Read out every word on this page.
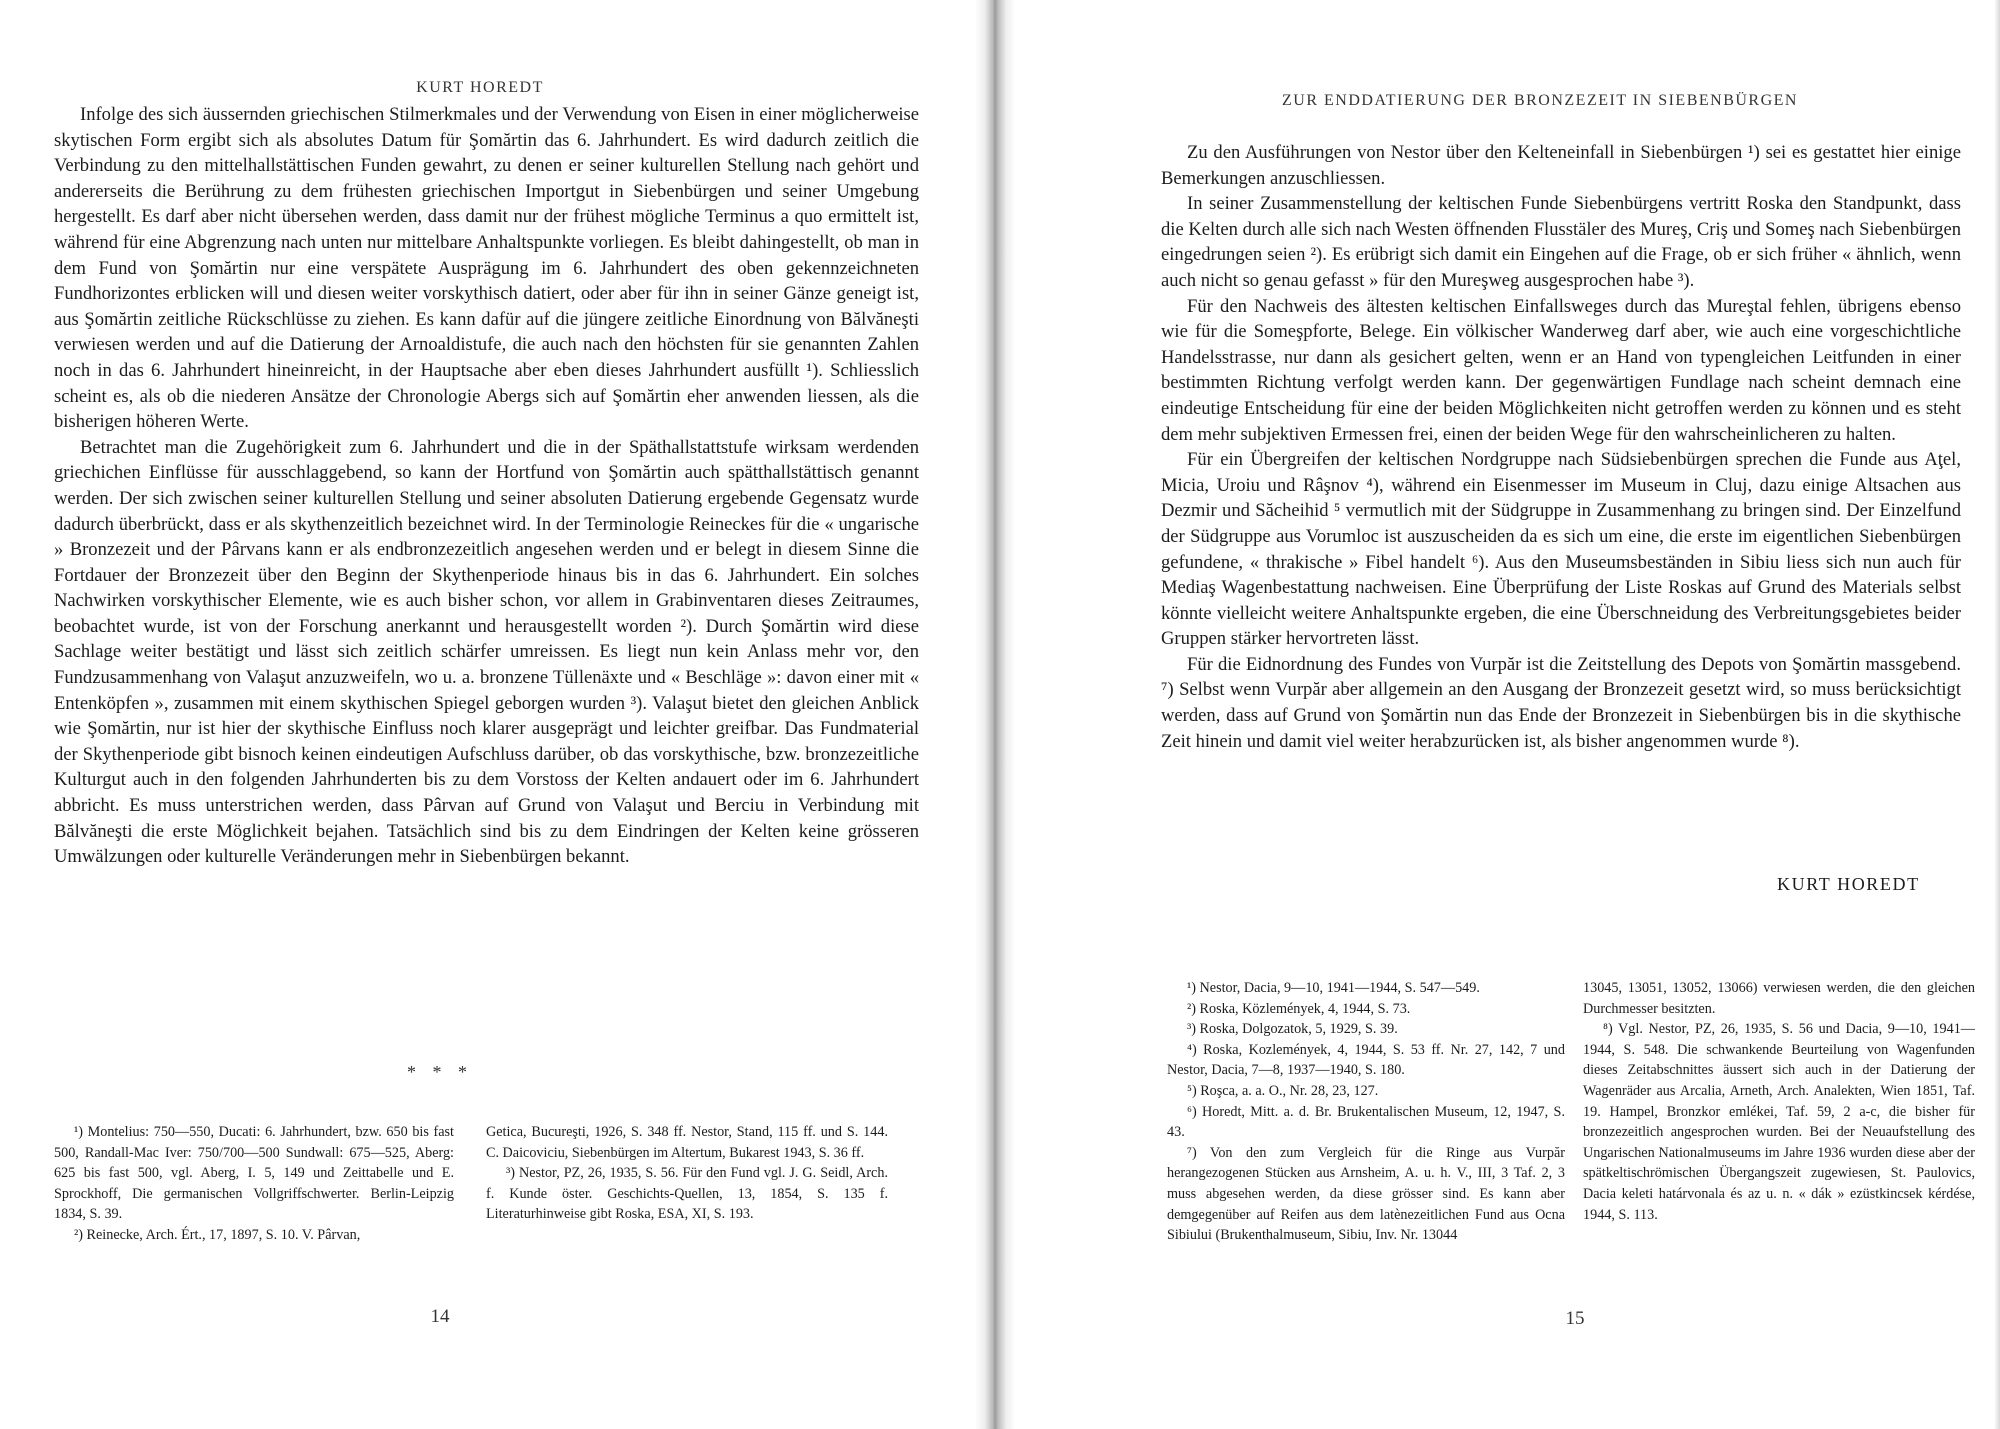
KURT HOREDT

Infolge des sich äussernden griechischen Stilmerkmales und der Verwendung von Eisen in einer möglicherweise skytischen Form ergibt sich als absolutes Datum für Şomărtin das 6. Jahrhundert. Es wird dadurch zeitlich die Verbindung zu den mittelhallstättischen Funden gewahrt, zu denen er seiner kulturellen Stellung nach gehört und andererseits die Berührung zu dem frühesten griechischen Importgut in Siebenbürgen und seiner Umgebung hergestellt. Es darf aber nicht übersehen werden, dass damit nur der frühest mögliche Terminus a quo ermittelt ist, während für eine Abgrenzung nach unten nur mittelbare Anhaltspunkte vorliegen. Es bleibt dahingestellt, ob man in dem Fund von Şomărtin nur eine verspätete Ausprägung im 6. Jahrhundert des oben gekennzeichneten Fundhorizontes erblicken will und diesen weiter vorskythisch datiert, oder aber für ihn in seiner Gänze geneigt ist, aus Şomărtin zeitliche Rückschlüsse zu ziehen. Es kann dafür auf die jüngere zeitliche Einordnung von Bălvăneşti verwiesen werden und auf die Datierung der Arnoaldistufe, die auch nach den höchsten für sie genannten Zahlen noch in das 6. Jahrhundert hineinreicht, in der Hauptsache aber eben dieses Jahrhundert ausfüllt ¹). Schliesslich scheint es, als ob die niederen Ansätze der Chronologie Abergs sich auf Şomărtin eher anwenden liessen, als die bisherigen höheren Werte.

Betrachtet man die Zugehörigkeit zum 6. Jahrhundert und die in der Späthallstattstufe wirksam werdenden griechichen Einflüsse für ausschlaggebend, so kann der Hortfund von Şomărtin auch spätthallstättisch genannt werden. Der sich zwischen seiner kulturellen Stellung und seiner absoluten Datierung ergebende Gegensatz wurde dadurch überbrückt, dass er als skythenzeitlich bezeichnet wird. In der Terminologie Reineckes für die « ungarische » Bronzezeit und der Pârvans kann er als endbronzezeitlich angesehen werden und er belegt in diesem Sinne die Fortdauer der Bronzezeit über den Beginn der Skythenperiode hinaus bis in das 6. Jahrhundert. Ein solches Nachwirken vorskythischer Elemente, wie es auch bisher schon, vor allem in Grabinventaren dieses Zeitraumes, beobachtet wurde, ist von der Forschung anerkannt und herausgestellt worden ²). Durch Şomărtin wird diese Sachlage weiter bestätigt und lässt sich zeitlich schärfer umreissen. Es liegt nun kein Anlass mehr vor, den Fundzusammenhang von Valaşut anzuzweifeln, wo u. a. bronzene Tüllenäxte und « Beschläge »: davon einer mit « Entenköpfen », zusammen mit einem skythischen Spiegel geborgen wurden ³). Valaşut bietet den gleichen Anblick wie Şomărtin, nur ist hier der skythische Einfluss noch klarer ausgeprägt und leichter greifbar. Das Fundmaterial der Skythenperiode gibt bisnoch keinen eindeutigen Aufschluss darüber, ob das vorskythische, bzw. bronzezeitliche Kulturgut auch in den folgenden Jahrhunderten bis zu dem Vorstoss der Kelten andauert oder im 6. Jahrhundert abbricht. Es muss unterstrichen werden, dass Pârvan auf Grund von Valaşut und Berciu in Verbindung mit Bălvăneşti die erste Möglichkeit bejahen. Tatsächlich sind bis zu dem Eindringen der Kelten keine grösseren Umwälzungen oder kulturelle Veränderungen mehr in Siebenbürgen bekannt.

* * *

¹) Montelius: 750—550, Ducati: 6. Jahrhundert, bzw. 650 bis fast 500, Randall-Mac Iver: 750/700—500 Sundwall: 675—525, Aberg: 625 bis fast 500, vgl. Aberg, I. 5, 149 und Zeittabelle und E. Sprockhoff, Die germanischen Vollgriffschwerter. Berlin-Leipzig 1834, S. 39.

²) Reinecke, Arch. Ért., 17, 1897, S. 10. V. Pârvan,

Getica, Bucureşti, 1926, S. 348 ff. Nestor, Stand, 115 ff. und S. 144. C. Daicoviciu, Siebenbürgen im Altertum, Bukarest 1943, S. 36 ff.

³) Nestor, PZ, 26, 1935, S. 56. Für den Fund vgl. J. G. Seidl, Arch. f. Kunde öster. Geschichts-Quellen, 13, 1854, S. 135 f. Literaturhinweise gibt Roska, ESA, XI, S. 193.

14
ZUR ENDDATIERUNG DER BRONZEZEIT IN SIEBENBÜRGEN

Zu den Ausführungen von Nestor über den Kelteneinfall in Siebenbürgen ¹) sei es gestattet hier einige Bemerkungen anzuschliessen.

In seiner Zusammenstellung der keltischen Funde Siebenbürgens vertritt Roska den Standpunkt, dass die Kelten durch alle sich nach Westen öffnenden Flusstäler des Mureş, Criş und Someş nach Siebenbürgen eingedrungen seien ²). Es erübrigt sich damit ein Eingehen auf die Frage, ob er sich früher « ähnlich, wenn auch nicht so genau gefasst » für den Mureşweg ausgesprochen habe ³).

Für den Nachweis des ältesten keltischen Einfallsweges durch das Mureştal fehlen, übrigens ebenso wie für die Someşpforte, Belege. Ein völkischer Wanderweg darf aber, wie auch eine vorgeschichtliche Handelsstrasse, nur dann als gesichert gelten, wenn er an Hand von typengleichen Leitfunden in einer bestimmten Richtung verfolgt werden kann. Der gegenwärtigen Fundlage nach scheint demnach eine eindeutige Entscheidung für eine der beiden Möglichkeiten nicht getroffen werden zu können und es steht dem mehr subjektiven Ermessen frei, einen der beiden Wege für den wahrscheinlicheren zu halten.

Für ein Übergreifen der keltischen Nordgruppe nach Südsiebenbürgen sprechen die Funde aus Aţel, Micia, Uroiu und Râşnov ⁴), während ein Eisenmesser im Museum in Cluj, dazu einige Altsachen aus Dezmir und Săcheihid ⁵ vermutlich mit der Südgruppe in Zusammenhang zu bringen sind. Der Einzelfund der Südgruppe aus Vorumloc ist auszuscheiden da es sich um eine, die erste im eigentlichen Siebenbürgen gefundene, « thrakische » Fibel handelt ⁶). Aus den Museumsbeständen in Sibiu liess sich nun auch für Mediaş Wagenbestattung nachweisen. Eine Überprüfung der Liste Roskas auf Grund des Materials selbst könnte vielleicht weitere Anhaltspunkte ergeben, die eine Überschneidung des Verbreitungsgebietes beider Gruppen stärker hervortreten lässt.

Für die Eidnordnung des Fundes von Vurpăr ist die Zeitstellung des Depots von Şomărtin massgebend. ⁷) Selbst wenn Vurpăr aber allgemein an den Ausgang der Bronzezeit gesetzt wird, so muss berücksichtigt werden, dass auf Grund von Şomărtin nun das Ende der Bronzezeit in Siebenbürgen bis in die skythische Zeit hinein und damit viel weiter herabzurücken ist, als bisher angenommen wurde ⁸).

KURT HOREDT

¹) Nestor, Dacia, 9—10, 1941—1944, S. 547—549.

²) Roska, Közlemények, 4, 1944, S. 73.

³) Roska, Dolgozatok, 5, 1929, S. 39.

⁴) Roska, Kozlemények, 4, 1944, S. 53 ff. Nr. 27, 142, 7 und Nestor, Dacia, 7—8, 1937—1940, S. 180.

⁵) Roşca, a. a. O., Nr. 28, 23, 127.

⁶) Horedt, Mitt. a. d. Br. Brukentalischen Museum, 12, 1947, S. 43.

⁷) Von den zum Vergleich für die Ringe aus Vurpăr herangezogenen Stücken aus Arnsheim, A. u. h. V., III, 3 Taf. 2, 3 muss abgesehen werden, da diese grösser sind. Es kann aber demgegenüber auf Reifen aus dem latènezeitlichen Fund aus Ocna Sibiului (Brukenthalmuseum, Sibiu, Inv. Nr. 13044

13045, 13051, 13052, 13066) verwiesen werden, die den gleichen Durchmesser besitzten.

⁸) Vgl. Nestor, PZ, 26, 1935, S. 56 und Dacia, 9—10, 1941—1944, S. 548. Die schwankende Beurteilung von Wagenfunden dieses Zeitabschnittes äussert sich auch in der Datierung der Wagenräder aus Arcalia, Arneth, Arch. Analekten, Wien 1851, Taf. 19. Hampel, Bronzkor emlékei, Taf. 59, 2 a-c, die bisher für bronzezeitlich angesprochen wurden. Bei der Neuaufstellung des Ungarischen Nationalmuseums im Jahre 1936 wurden diese aber der spätkeltischrömischen Übergangszeit zugewiesen, St. Paulovics, Dacia keleti határvonala és az u. n. « dák » ezüstkincsek kérdése, 1944, S. 113.

15
